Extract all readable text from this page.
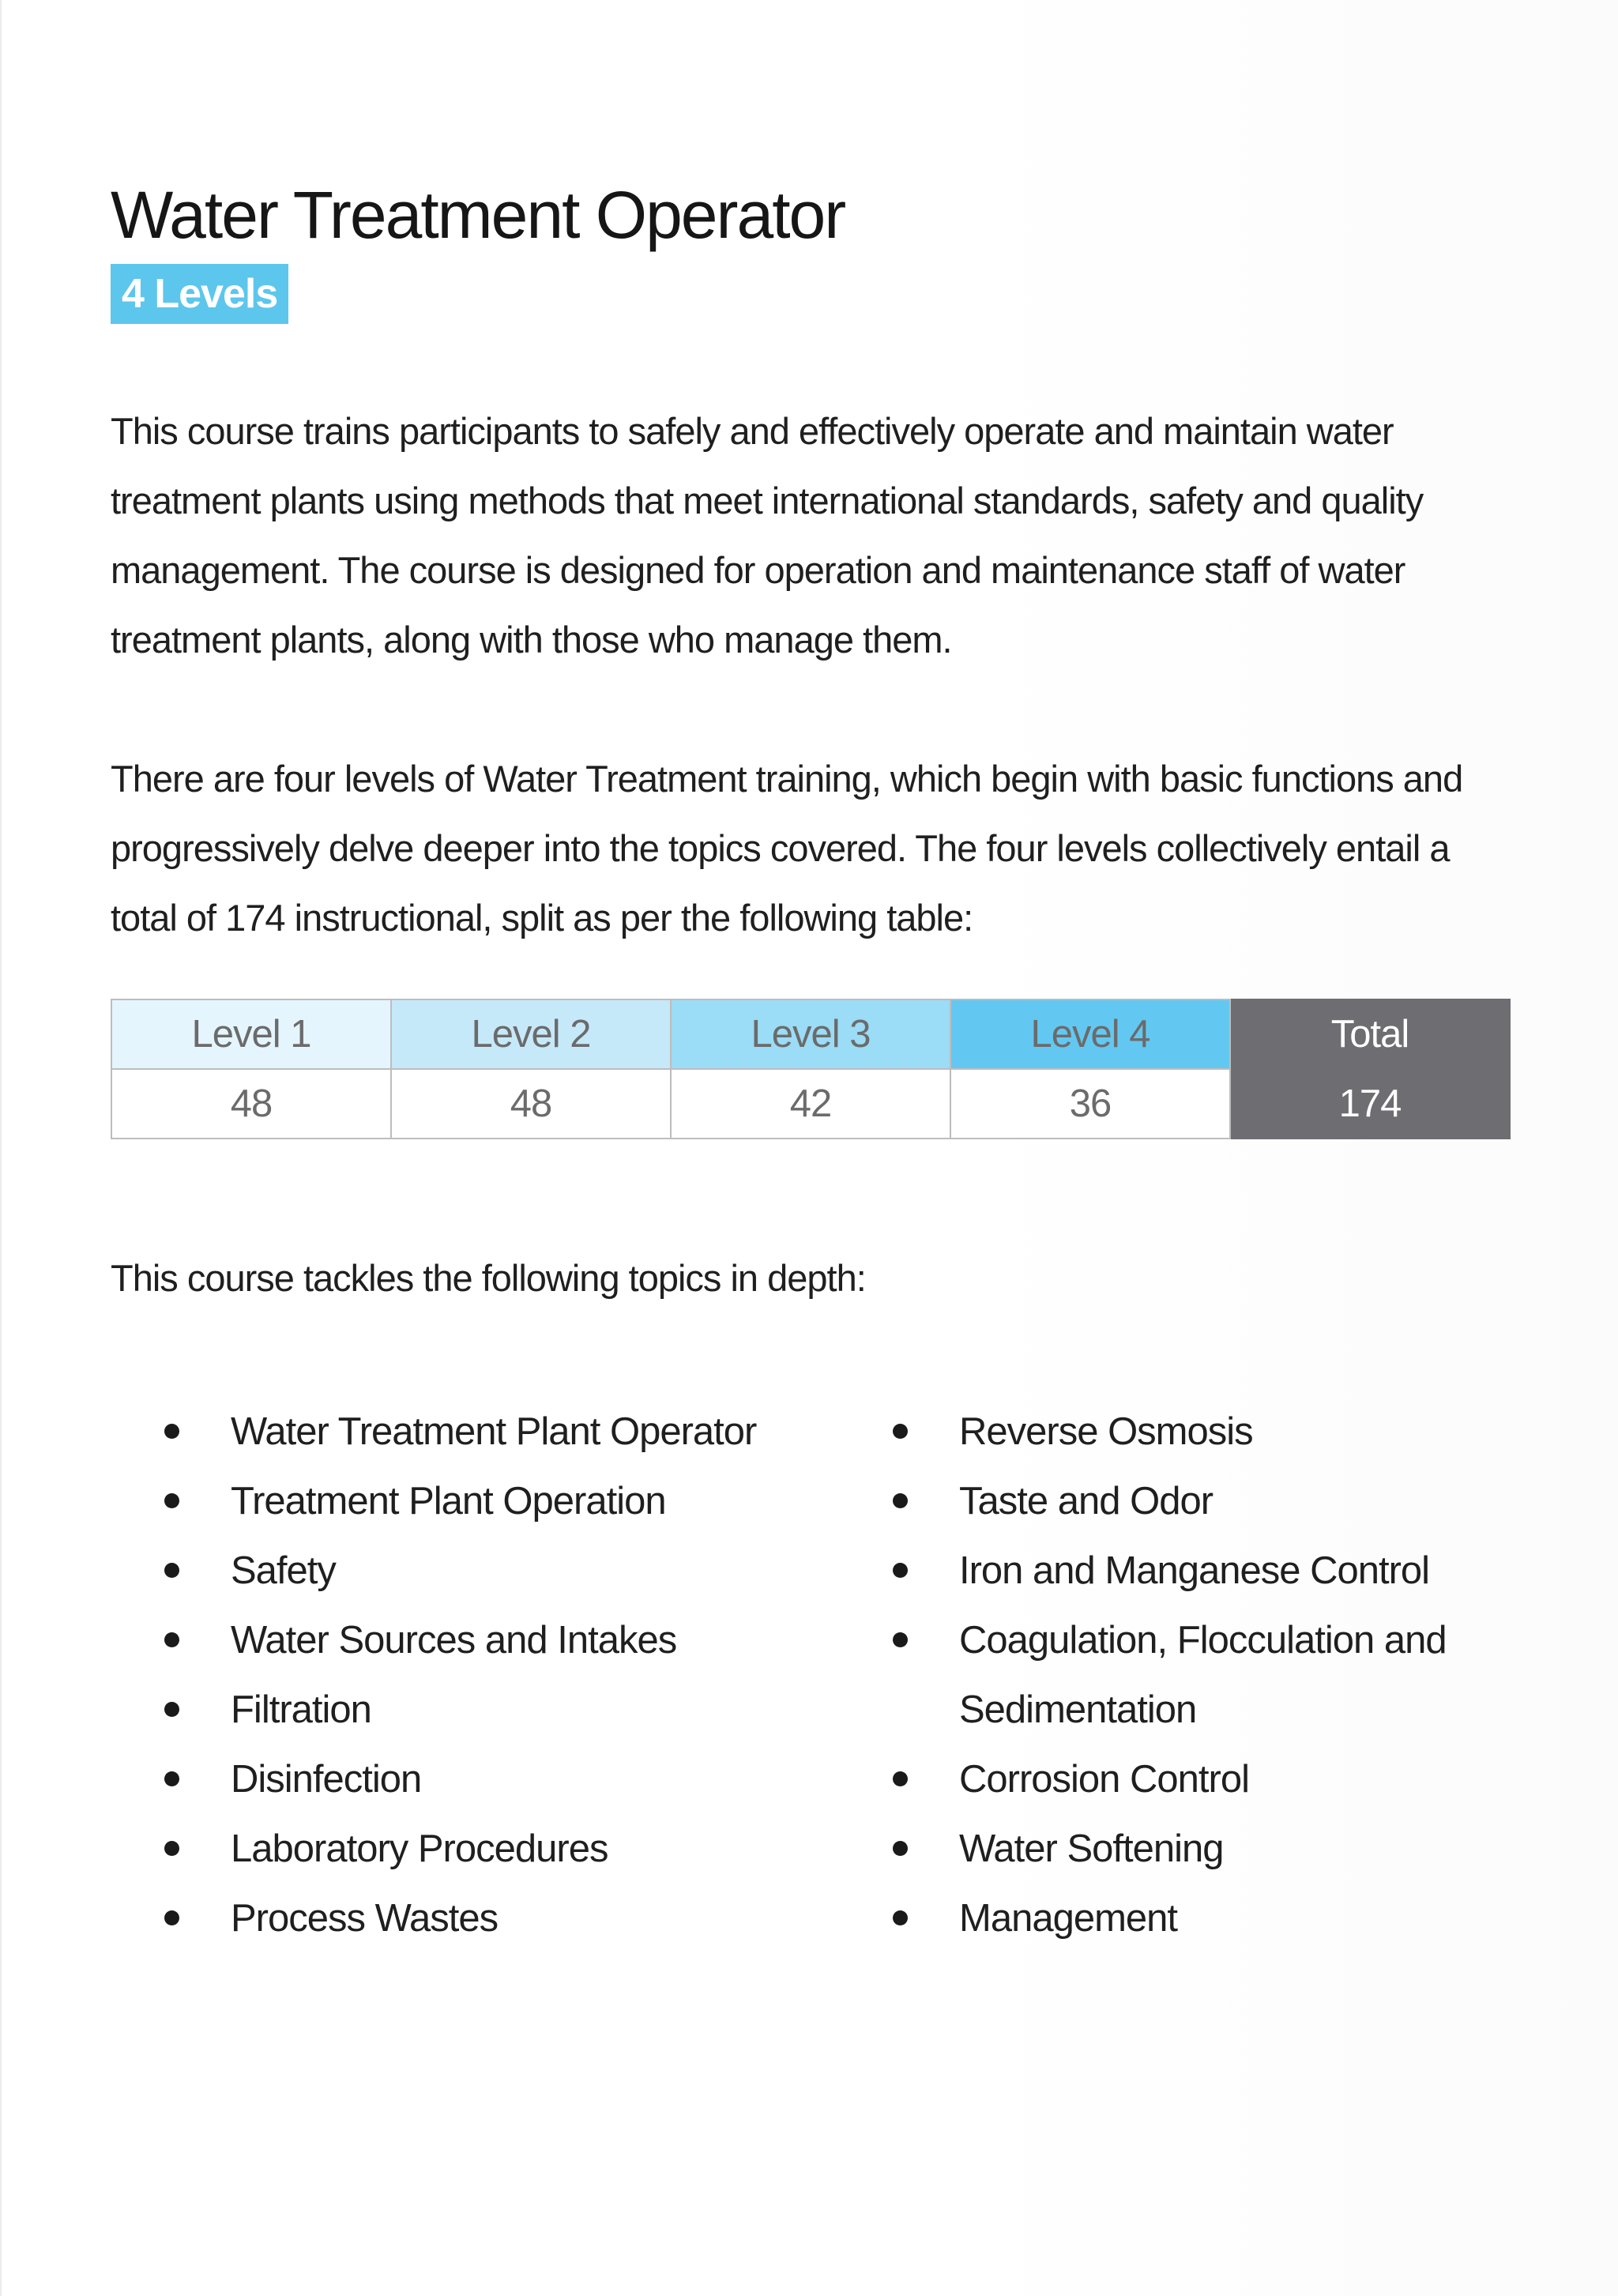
Water Treatment Operator
4 Levels

This course trains participants to safely and effectively operate and maintain water treatment plants using methods that meet international standards, safety and quality management. The course is designed for operation and maintenance staff of water treatment plants, along with those who manage them.

There are four levels of Water Treatment training, which begin with basic functions and progressively delve deeper into the topics covered. The four levels collectively entail a total of 174 instructional, split as per the following table:

Level 1	Level 2	Level 3	Level 4	Total
48	48	42	36	174

This course tackles the following topics in depth:

Water Treatment Plant Operator
Treatment Plant Operation
Safety
Water Sources and Intakes
Filtration
Disinfection
Laboratory Procedures
Process Wastes
Reverse Osmosis
Taste and Odor
Iron and Manganese Control
Coagulation, Flocculation and Sedimentation
Corrosion Control
Water Softening
Management
